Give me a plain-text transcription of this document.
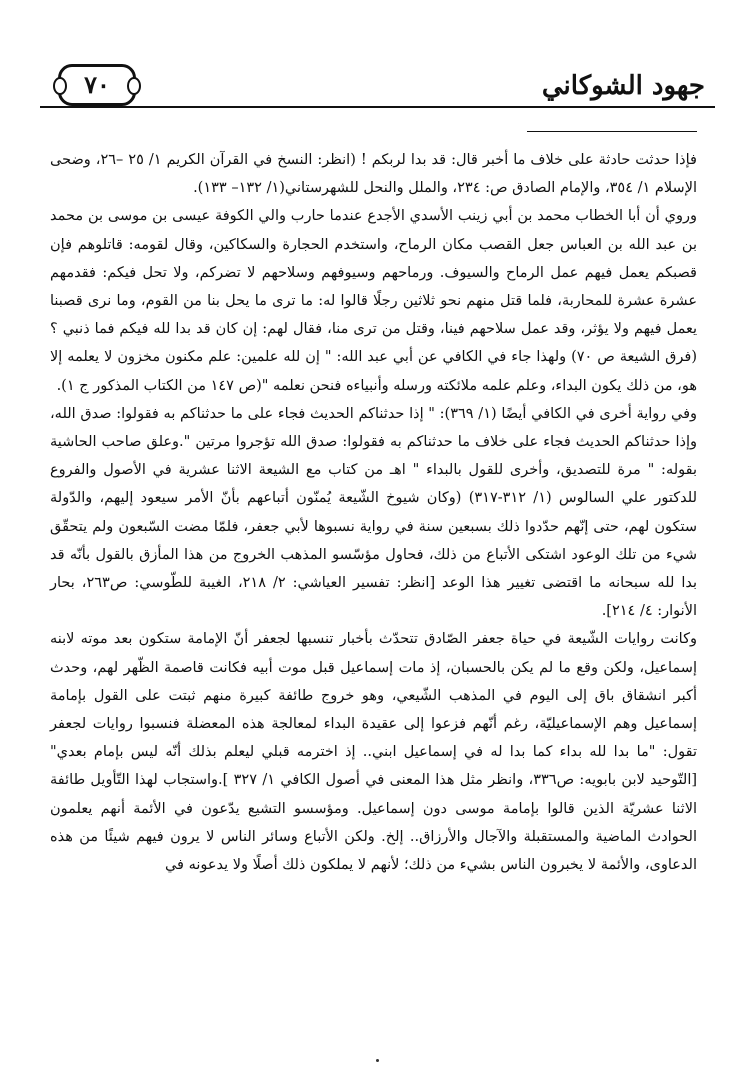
جهود الشوكاني
٧٠

فإذا حدثت حادثة على خلاف ما أخبر قال: قد بدا لربكم ! (انظر: النسخ في القرآن الكريم ١/ ٢٥ –٢٦، وضحى الإسلام ١/ ٣٥٤، والإمام الصادق ص: ٢٣٤، والملل والنحل للشهرستاني(١/ ١٣٢– ١٣٣).

وروي أن أبا الخطاب محمد بن أبي زينب الأسدي الأجدع عندما حارب والي الكوفة عيسى بن موسى بن محمد بن عبد الله بن العباس جعل القصب مكان الرماح، واستخدم الحجارة والسكاكين، وقال لقومه: قاتلوهم فإن قصبكم يعمل فيهم عمل الرماح والسيوف. ورماحهم وسيوفهم وسلاحهم لا تضركم، ولا تحل فيكم: فقدمهم عشرة عشرة للمحاربة، فلما قتل منهم نحو ثلاثين رجلًا قالوا له: ما ترى ما يحل بنا من القوم، وما نرى قصبنا يعمل فيهم ولا يؤثر، وقد عمل سلاحهم فينا، وقتل من ترى منا، فقال لهم: إن كان قد بدا لله فيكم فما ذنبي ؟ (فرق الشيعة ص ٧٠) ولهذا جاء في الكافي عن أبي عبد الله: " إن لله علمين: علم مكنون مخزون لا يعلمه إلا هو، من ذلك يكون البداء، وعلم علمه ملائكته ورسله وأنبياءه فنحن نعلمه "(ص ١٤٧ من الكتاب المذكور ج ١).

وفي رواية أخرى في الكافي أيضًا (١/ ٣٦٩): " إذا حدثناكم الحديث فجاء على ما حدثناكم به فقولوا: صدق الله، وإذا حدثناكم الحديث فجاء على خلاف ما حدثناكم به فقولوا: صدق الله تؤجروا مرتين ".وعلق صاحب الحاشية بقوله: " مرة للتصديق، وأخرى للقول بالبداء " اهـ من كتاب مع الشيعة الاثنا عشرية في الأصول والفروع للدكتور علي السالوس (١/ ٣١٢-٣١٧) (وكان شيوخ الشّيعة يُمنّون أتباعهم بأنّ الأمر سيعود إليهم، والدّولة ستكون لهم، حتى إنّهم حدّدوا ذلك بسبعين سنة في رواية نسبوها لأبي جعفر، فلمّا مضت السّبعون ولم يتحقّق شيء من تلك الوعود اشتكى الأتباع من ذلك، فحاول مؤسّسو المذهب الخروج من هذا المأزق بالقول بأنّه قد بدا لله سبحانه ما اقتضى تغيير هذا الوعد [انظر: تفسير العياشي: ٢/ ٢١٨، الغيبة للطّوسي: ص٢٦٣، بحار الأنوار: ٤/ ٢١٤].

وكانت روايات الشّيعة في حياة جعفر الصّادق تتحدّث بأخبار تنسبها لجعفر أنّ الإمامة ستكون بعد موته لابنه إسماعيل، ولكن وقع ما لم يكن بالحسبان، إذ مات إسماعيل قبل موت أبيه فكانت قاصمة الظّهر لهم، وحدث أكبر انشقاق باق إلى اليوم في المذهب الشّيعي، وهو خروج طائفة كبيرة منهم ثبتت على القول بإمامة إسماعيل وهم الإسماعيليّة، رغم أنّهم فزعوا إلى عقيدة البداء لمعالجة هذه المعضلة فنسبوا روايات لجعفر تقول: "ما بدا لله بداء كما بدا له في إسماعيل ابني.. إذ اخترمه قبلي ليعلم بذلك أنّه ليس بإمام بعدي" [التّوحيد لابن بابويه: ص٣٣٦، وانظر مثل هذا المعنى في أصول الكافي ١/ ٣٢٧ ].واستجاب لهذا التّأويل طائفة الاثنا عشريّة الذين قالوا بإمامة موسى دون إسماعيل. ومؤسسو التشيع يدّعون في الأئمة أنهم يعلمون الحوادث الماضية والمستقبلة والآجال والأرزاق.. إلخ. ولكن الأتباع وسائر الناس لا يرون فيهم شيئًا من هذه الدعاوى، والأئمة لا يخبرون الناس بشيء من ذلك؛ لأنهم لا يملكون ذلك أصلًا ولا يدعونه في
